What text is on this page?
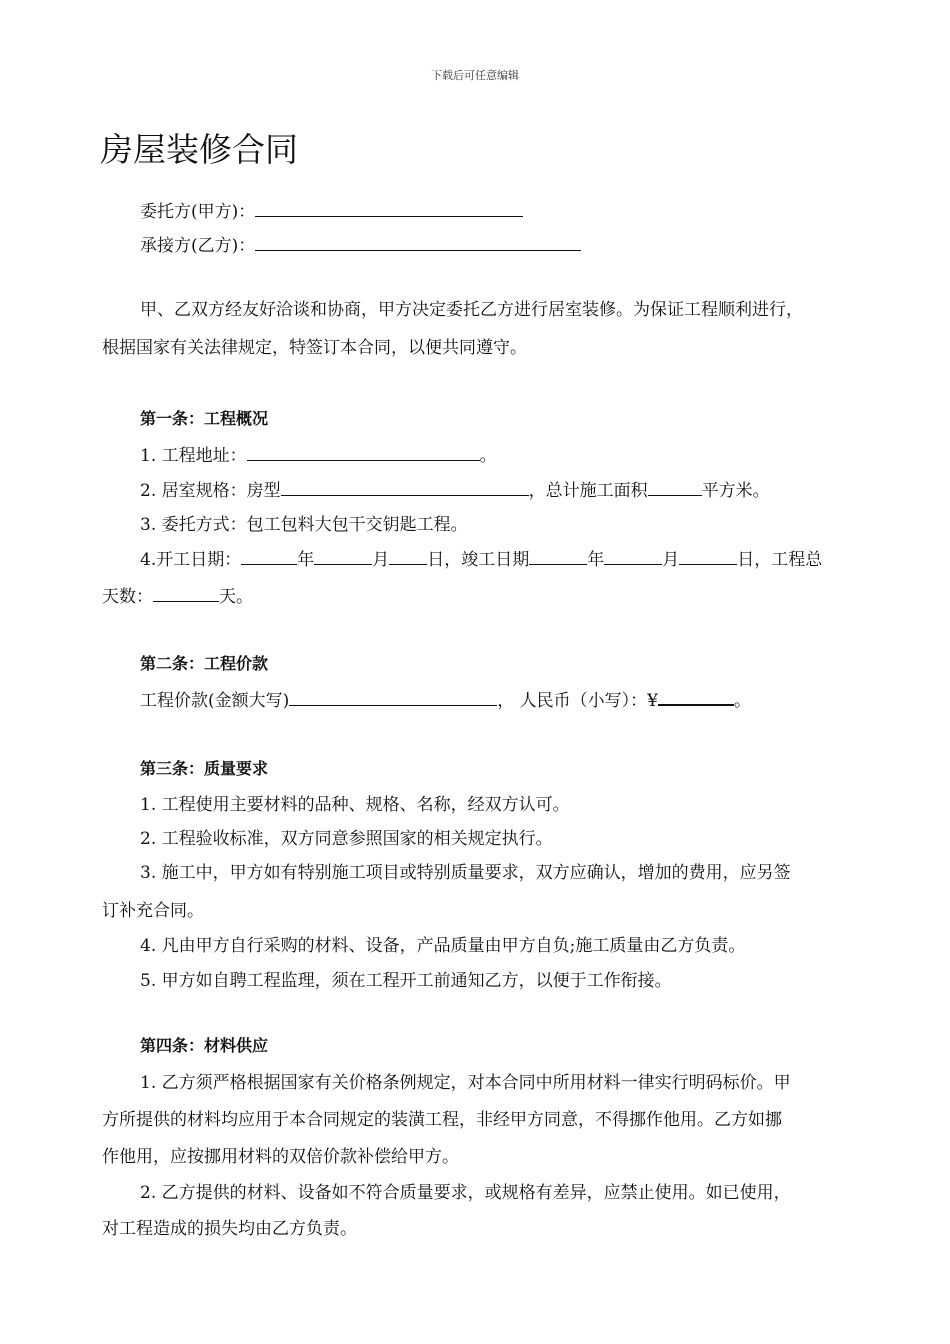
下载后可任意编辑
房屋装修合同
委托方(甲方)：
承接方(乙方)：
甲、乙双方经友好洽谈和协商，甲方决定委托乙方进行居室装修。为保证工程顺利进行，
根据国家有关法律规定，特签订本合同，以便共同遵守。
第一条：工程概况
1. 工程地址：	。
2. 居室规格：房型	，总计施工面积	平方米。
3. 委托方式：包工包料大包干交钥匙工程。
4.开工日期：	年	月 日，竣工日期	年	月	日，工程总
天数：	天。
第二条：工程价款
工程价款(金额大写)	， 人民币（小写）：¥	。
第三条：质量要求
1. 工程使用主要材料的品种、规格、名称，经双方认可。
2. 工程验收标准，双方同意参照国家的相关规定执行。
3. 施工中，甲方如有特别施工项目或特别质量要求，双方应确认，增加的费用，应另签
订补充合同。
4. 凡由甲方自行采购的材料、设备，产品质量由甲方自负;施工质量由乙方负责。
5. 甲方如自聘工程监理，须在工程开工前通知乙方，以便于工作衔接。
第四条：材料供应
1. 乙方须严格根据国家有关价格条例规定，对本合同中所用材料一律实行明码标价。甲
方所提供的材料均应用于本合同规定的装潢工程，非经甲方同意，不得挪作他用。乙方如挪
作他用，应按挪用材料的双倍价款补偿给甲方。
2. 乙方提供的材料、设备如不符合质量要求，或规格有差异，应禁止使用。如已使用，
对工程造成的损失均由乙方负责。
